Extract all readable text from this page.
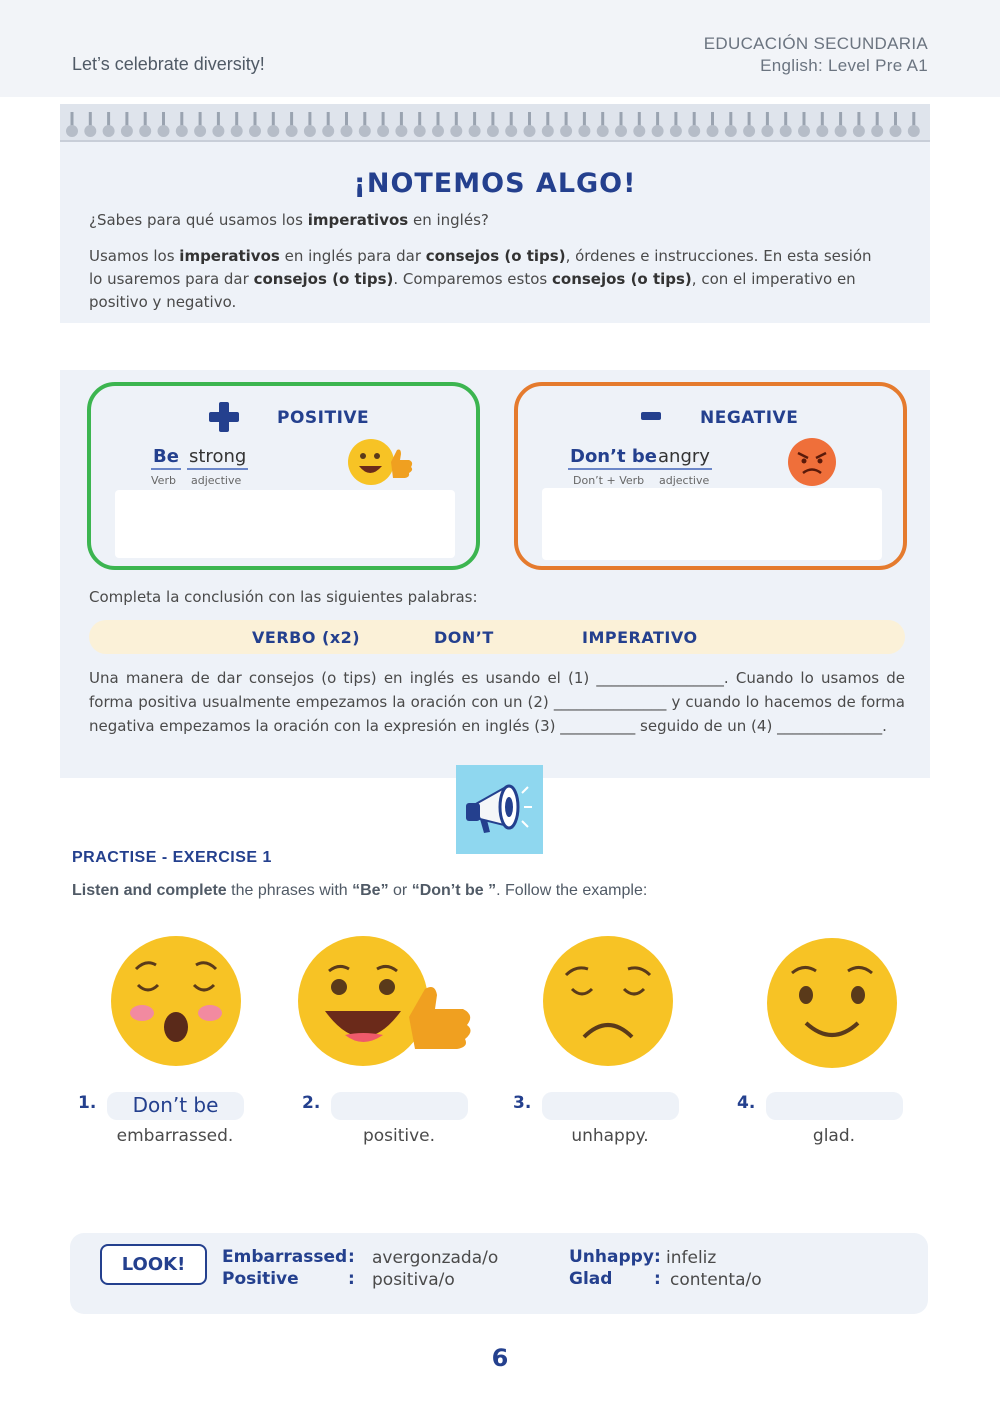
Let’s celebrate diversity!
EDUCACIÓN SECUNDARIA
English: Level Pre A1
¡NOTEMOS ALGO!
¿Sabes para qué usamos los imperativos en inglés?
Usamos los imperativos en inglés para dar consejos (o tips), órdenes e instrucciones. En esta sesión lo usaremos para dar consejos (o tips). Comparemos estos consejos (o tips), con el imperativo en positivo y negativo.
POSITIVE
Be strong
Verb adjective
NEGATIVE
Don’t be angry
Don’t + Verb adjective
Completa la conclusión con las siguientes palabras:
VERBO (x2)	DON’T	IMPERATIVO
Una manera de dar consejos (o tips) en inglés es usando el (1) _________________. Cuando lo usamos de forma positiva usualmente empezamos la oración con un (2) _______________ y cuando lo hacemos de forma negativa empezamos la oración con la expresión en inglés (3) __________ seguido de un (4) ______________.
PRACTISE - EXERCISE 1
Listen and complete the phrases with “Be” or “Don’t be ”. Follow the example:
1.	Don’t be
embarrassed.
2.
positive.
3.
unhappy.
4.
glad.
LOOK!	Embarrassed : avergonzada/o
Positive	: positiva/o
Unhappy : infeliz
Glad : contenta/o
6
